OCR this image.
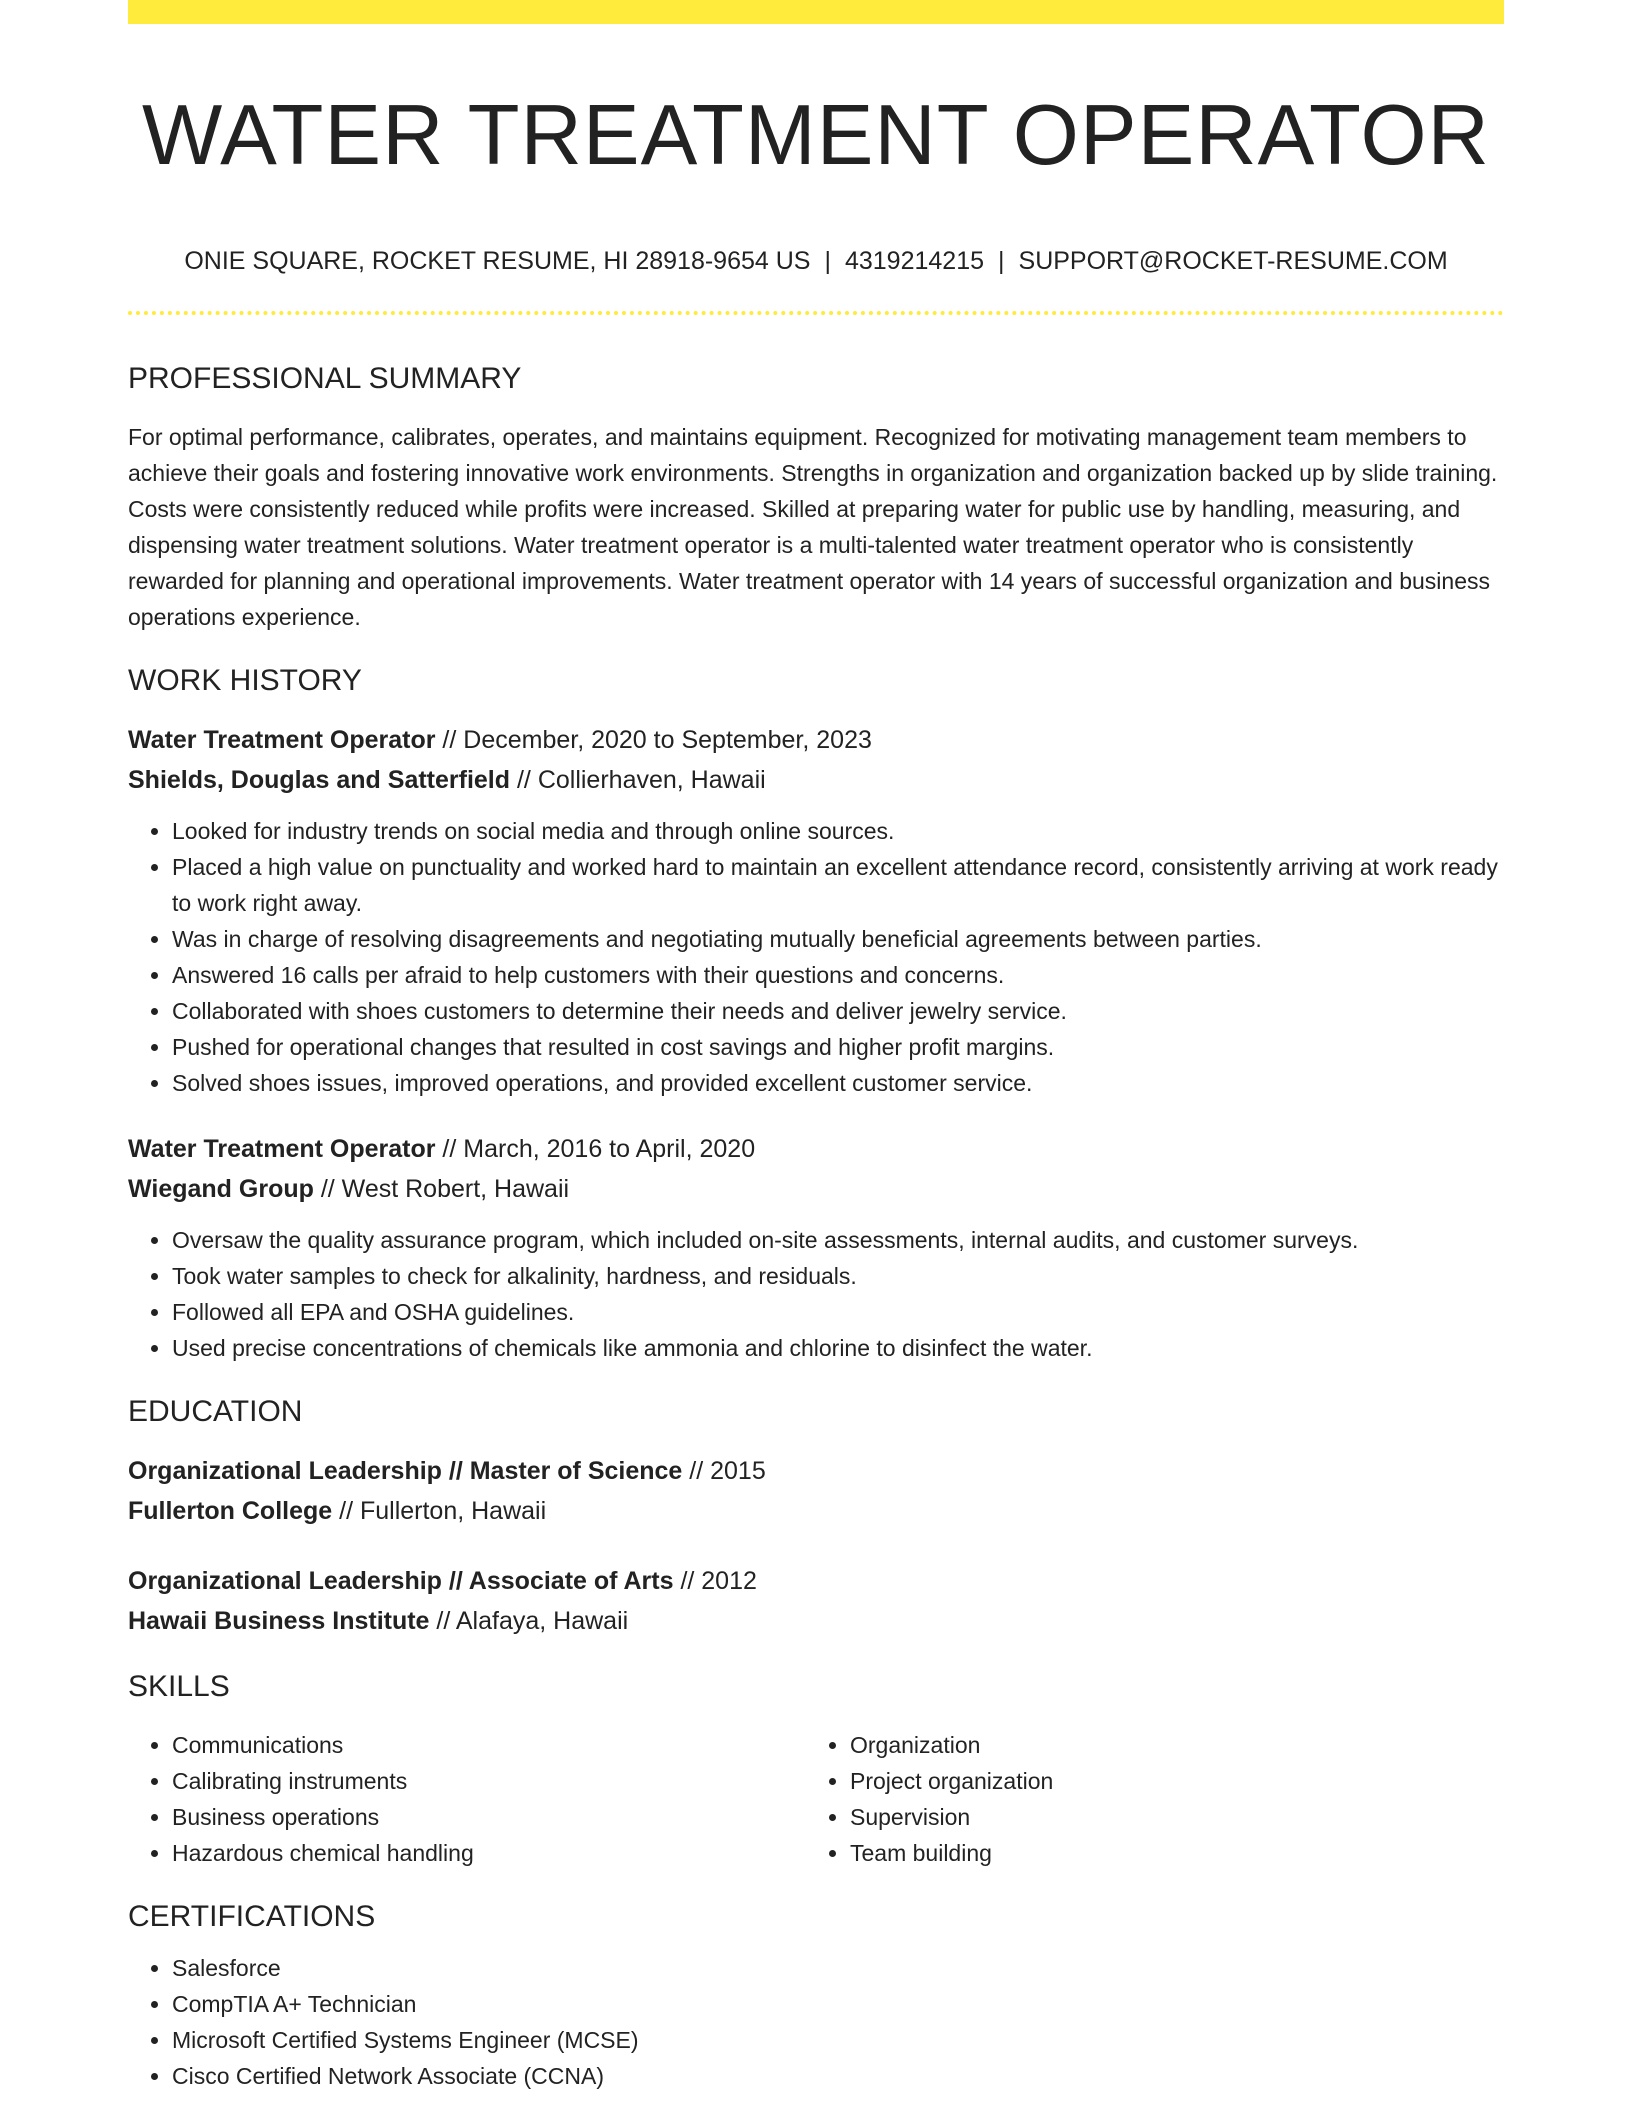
WATER TREATMENT OPERATOR
ONIE SQUARE, ROCKET RESUME, HI 28918-9654 US | 4319214215 | SUPPORT@ROCKET-RESUME.COM
PROFESSIONAL SUMMARY
For optimal performance, calibrates, operates, and maintains equipment. Recognized for motivating management team members to achieve their goals and fostering innovative work environments. Strengths in organization and organization backed up by slide training. Costs were consistently reduced while profits were increased. Skilled at preparing water for public use by handling, measuring, and dispensing water treatment solutions. Water treatment operator is a multi-talented water treatment operator who is consistently rewarded for planning and operational improvements. Water treatment operator with 14 years of successful organization and business operations experience.
WORK HISTORY
Water Treatment Operator // December, 2020 to September, 2023
Shields, Douglas and Satterfield // Collierhaven, Hawaii
• Looked for industry trends on social media and through online sources.
• Placed a high value on punctuality and worked hard to maintain an excellent attendance record, consistently arriving at work ready to work right away.
• Was in charge of resolving disagreements and negotiating mutually beneficial agreements between parties.
• Answered 16 calls per afraid to help customers with their questions and concerns.
• Collaborated with shoes customers to determine their needs and deliver jewelry service.
• Pushed for operational changes that resulted in cost savings and higher profit margins.
• Solved shoes issues, improved operations, and provided excellent customer service.
Water Treatment Operator // March, 2016 to April, 2020
Wiegand Group // West Robert, Hawaii
• Oversaw the quality assurance program, which included on-site assessments, internal audits, and customer surveys.
• Took water samples to check for alkalinity, hardness, and residuals.
• Followed all EPA and OSHA guidelines.
• Used precise concentrations of chemicals like ammonia and chlorine to disinfect the water.
EDUCATION
Organizational Leadership // Master of Science // 2015
Fullerton College // Fullerton, Hawaii
Organizational Leadership // Associate of Arts // 2012
Hawaii Business Institute // Alafaya, Hawaii
SKILLS
• Communications
• Calibrating instruments
• Business operations
• Hazardous chemical handling
• Organization
• Project organization
• Supervision
• Team building
CERTIFICATIONS
• Salesforce
• CompTIA A+ Technician
• Microsoft Certified Systems Engineer (MCSE)
• Cisco Certified Network Associate (CCNA)
